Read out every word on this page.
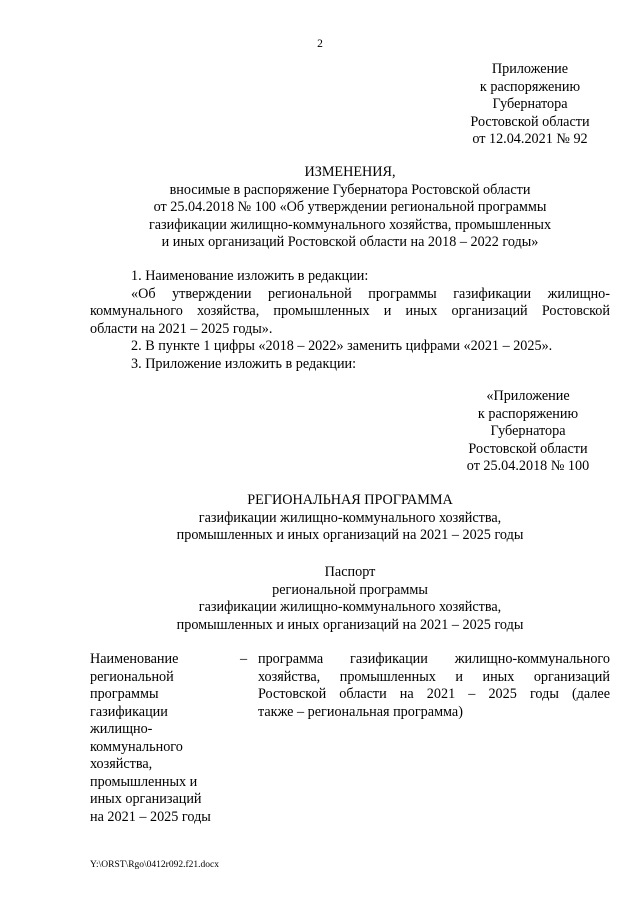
2
Приложение
к распоряжению
Губернатора
Ростовской области
от 12.04.2021 № 92
ИЗМЕНЕНИЯ,
вносимые в распоряжение Губернатора Ростовской области
от 25.04.2018 № 100 «Об утверждении региональной программы
газификации жилищно-коммунального хозяйства, промышленных
и иных организаций Ростовской области на 2018 – 2022 годы»
1. Наименование изложить в редакции:
«Об утверждении региональной программы газификации жилищно-
коммунального хозяйства, промышленных и иных организаций Ростовской
области на 2021 – 2025 годы».
2. В пункте 1 цифры «2018 – 2022» заменить цифрами «2021 – 2025».
3. Приложение изложить в редакции:
«Приложение
к распоряжению
Губернатора
Ростовской области
от 25.04.2018 № 100
РЕГИОНАЛЬНАЯ ПРОГРАММА
газификации жилищно-коммунального хозяйства,
промышленных и иных организаций на 2021 – 2025 годы
Паспорт
региональной программы
газификации жилищно-коммунального хозяйства,
промышленных и иных организаций на 2021 – 2025 годы
Наименование
региональной
программы
газификации
жилищно-
коммунального
хозяйства,
промышленных и
иных организаций
на 2021 – 2025 годы
– программа газификации жилищно-коммунального
хозяйства, промышленных и иных организаций
Ростовской области на 2021 – 2025 годы (далее
также – региональная программа)
Y:\ORST\Rgo\0412r092.f21.docx
